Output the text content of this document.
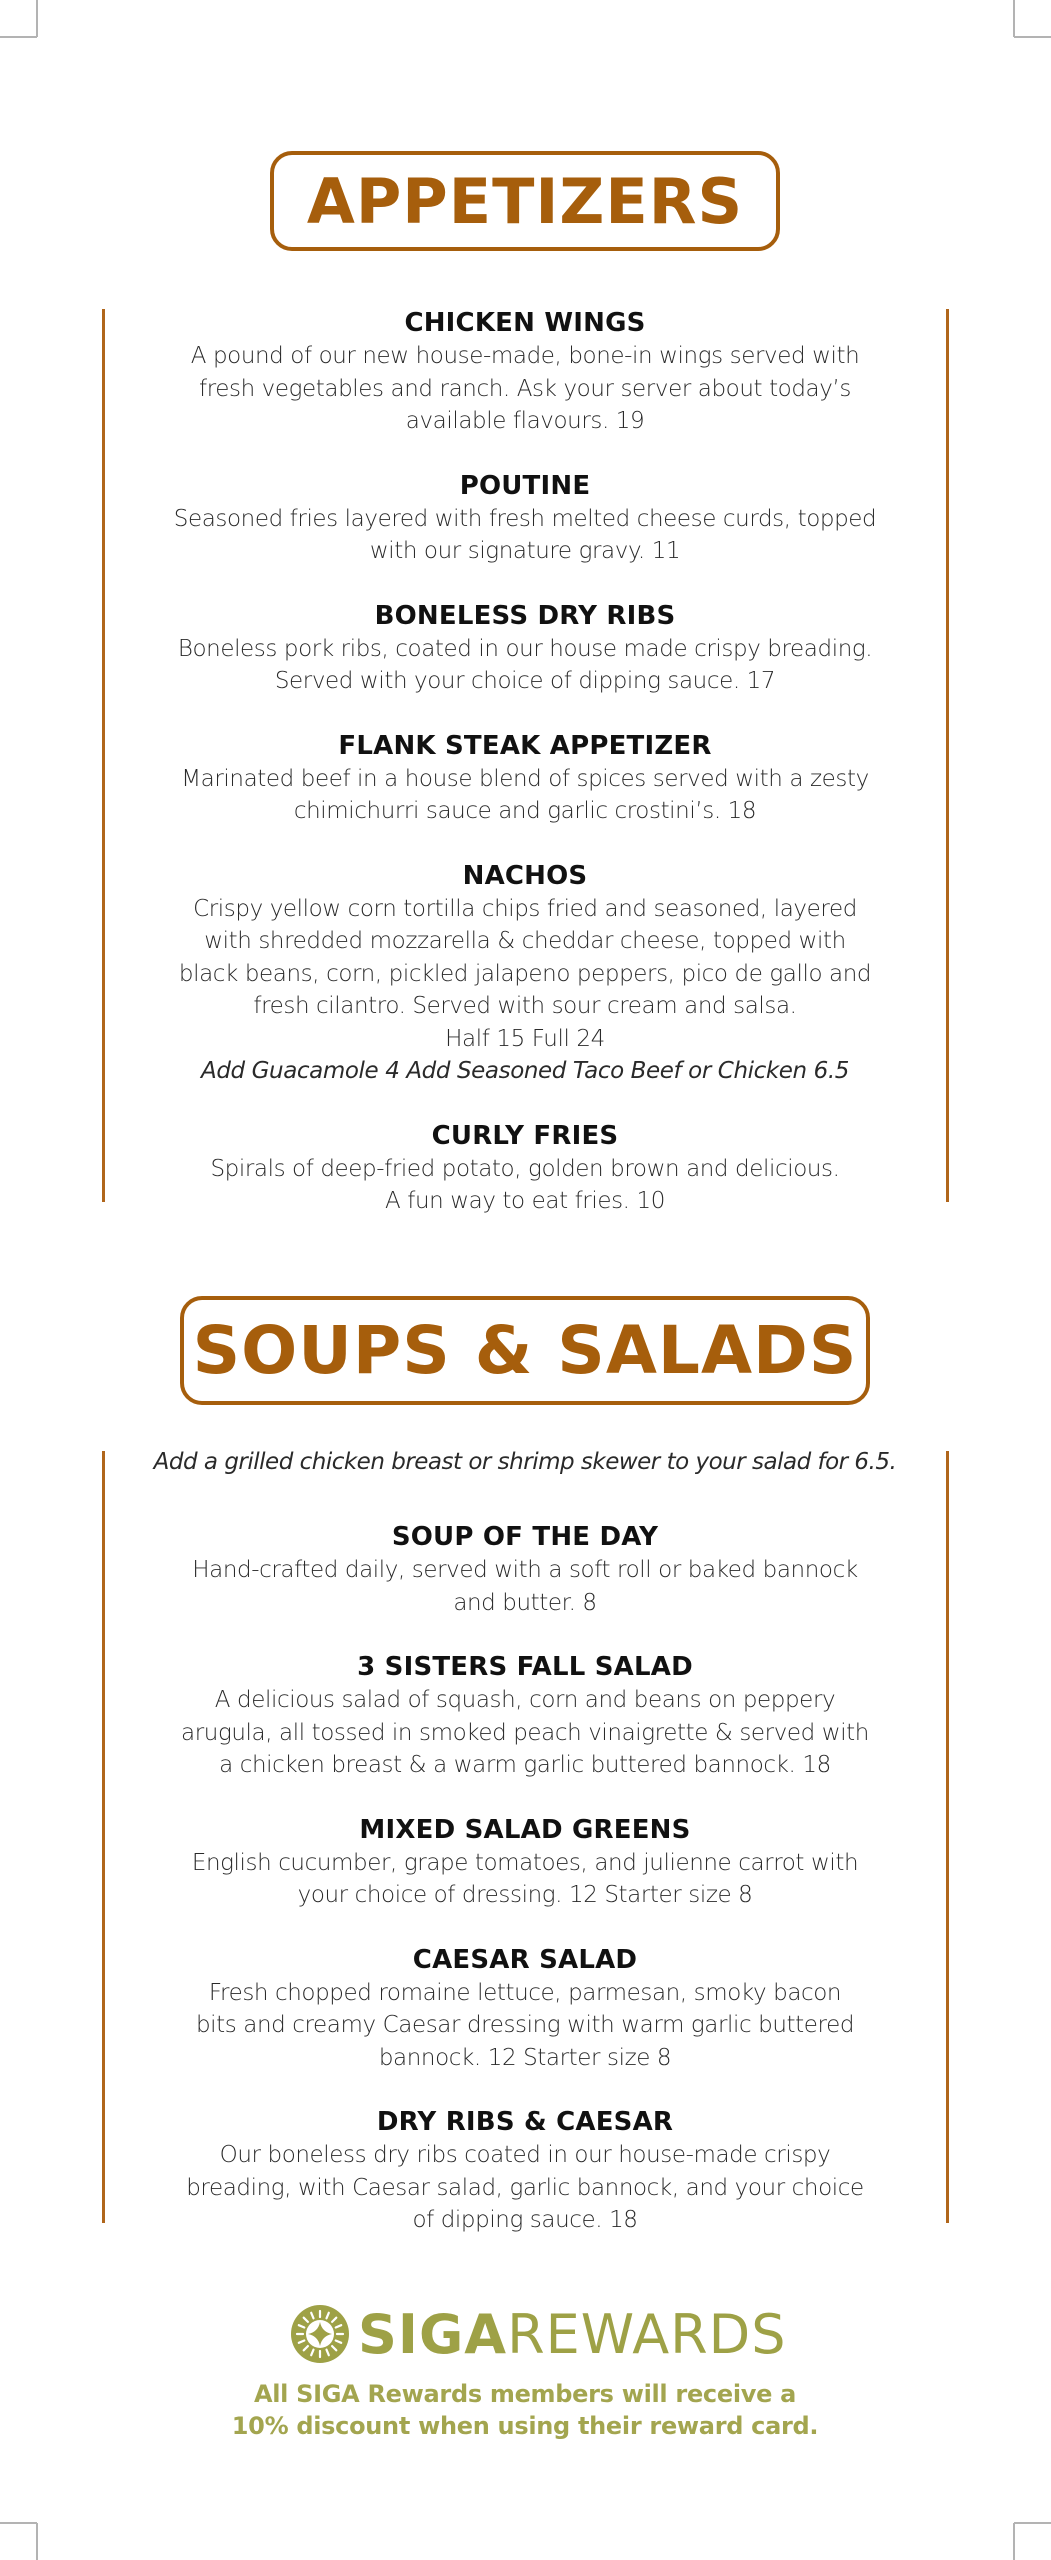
APPETIZERS
CHICKEN WINGS
A pound of our new house-made, bone-in wings served with
fresh vegetables and ranch. Ask your server about today’s
available flavours. 19
POUTINE
Seasoned fries layered with fresh melted cheese curds, topped
with our signature gravy. 11
BONELESS DRY RIBS
Boneless pork ribs, coated in our house made crispy breading.
Served with your choice of dipping sauce. 17
FLANK STEAK APPETIZER
Marinated beef in a house blend of spices served with a zesty
chimichurri sauce and garlic crostini’s. 18
NACHOS
Crispy yellow corn tortilla chips fried and seasoned, layered
with shredded mozzarella & cheddar cheese, topped with
black beans, corn, pickled jalapeno peppers, pico de gallo and
fresh cilantro. Served with sour cream and salsa.
Half 15 Full 24
Add Guacamole 4 Add Seasoned Taco Beef or Chicken 6.5
CURLY FRIES
Spirals of deep-fried potato, golden brown and delicious.
A fun way to eat fries. 10
SOUPS & SALADS
Add a grilled chicken breast or shrimp skewer to your salad for 6.5.
SOUP OF THE DAY
Hand-crafted daily, served with a soft roll or baked bannock
and butter. 8
3 SISTERS FALL SALAD
A delicious salad of squash, corn and beans on peppery
arugula, all tossed in smoked peach vinaigrette & served with
a chicken breast & a warm garlic buttered bannock. 18
MIXED SALAD GREENS
English cucumber, grape tomatoes, and julienne carrot with
your choice of dressing. 12 Starter size 8
CAESAR SALAD
Fresh chopped romaine lettuce, parmesan, smoky bacon
bits and creamy Caesar dressing with warm garlic buttered
bannock. 12 Starter size 8
DRY RIBS & CAESAR
Our boneless dry ribs coated in our house-made crispy
breading, with Caesar salad, garlic bannock, and your choice
of dipping sauce. 18
SIGA REWARDS
All SIGA Rewards members will receive a
10% discount when using their reward card.
